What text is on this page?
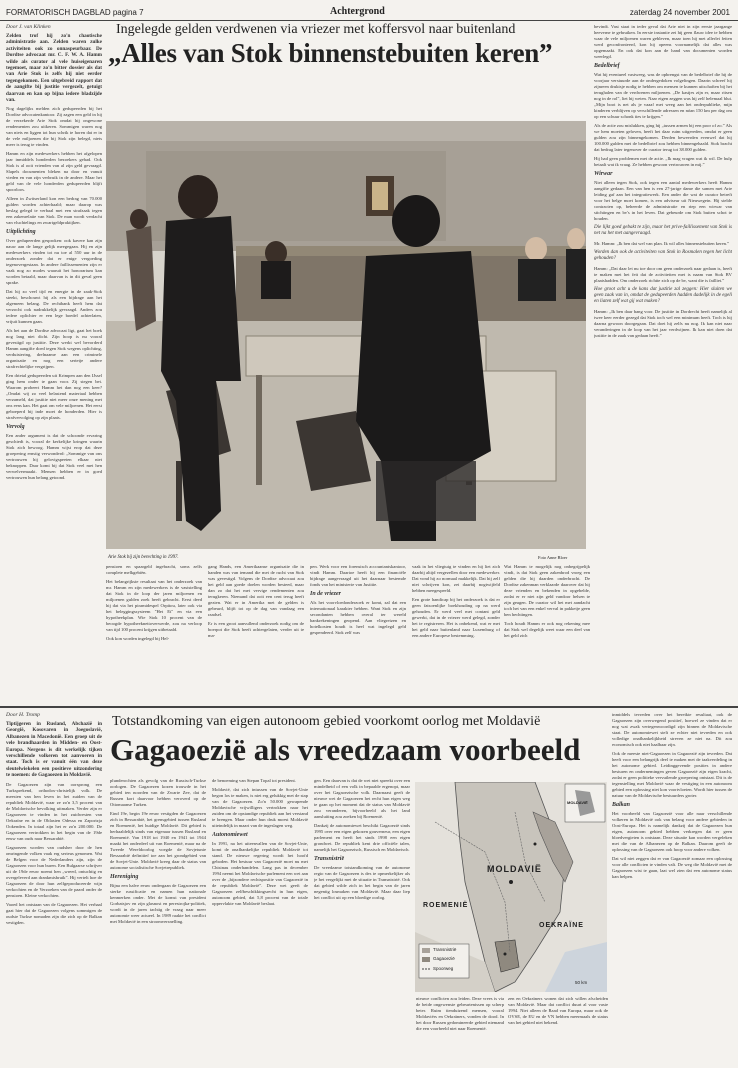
FORMATORISCH DAGBLAD pagina 7	Achtergrond	zaterdag 24 november 2001
Ingelegde gelden verdwenen via vriezer met koffersvol naar buitenland
„Alles van Stok binnenstebuiten keren”

Door J. van Klinken

Zelden trof hij zo'n chaotische administratie aan. Zelden waren zulke activiteiten ook zo onnaspeurbaar. De Dordtse advocaat mr. C. F. W. A. Hamm wilde als curator al vele huiseigenaren tegemoet, maar zo'n bitter dossier als dat van Arie Stok is zelfs hij niet eerder tegengekomen. Een uitgebreid rapport dat de aangifte bij justitie vergezelt, getuigt daarvan en kan op bijna iedere bladzijde van.

Nog dagelijks melden zich gedupeerden bij het Dordtse advocatenkantoor. Zij zagen een geld in hij de verzekerde Arie Stok omdat hij ongewone rendementen zou uitkeren. Sommigen waren nog van niets en liggen tot hun schrik te horen dat er in de vele miljoenen die bij Stok zijn belegd, niets meer is terug te vinden.

Hamm en zijn medewerkers hebben het afgelopen jaar inmiddels honderden bezoekers gehad. Ook Stok is al ooit vrienden van al zijn geld gevraagd. Slapels documenten bleken na door en vanuit vieden en van zijn verbruik in de andere. Maar het geld van de vele honderden gedupeerden blijft spoorloos.

Alleen in Zwitserland kon een bedrag van 70.000 gulden worden achterhaald; maar daarop was beslag gelegd te verbaal met een strafzaak tegen een zakenrelatie van Stok. De man wordt verdacht van vluchtelings en zwartgeldpraktijken.

Uitplichting

Over gedupeerden gesproken: ook kavere kan zijn nauw aan de lange gelijk meegegaan. Hij en zijn medewerkers vinden tot nu toe al 550 uur in de onderzoek zonder dat er enige vergoeding tegenovergestaan. In andere faillissementen zijn er vaak nog zo modes waaruit het honorarium kan worden betaald, maar daarvan is in dit geval geen sprake.

Dat hij zo veel tijd en energie in de zaak-Stok steekt, beschouwt hij als een bijdrage aan het algemeen belang. De rechtbank heeft hem dat verzocht ook nadrukkelijk gevraagd. Anders zou iedere oplichter er een lege boedel achterlaten, vrijuit kunnen gaan.

Als het aan de Dordtse advocaat ligt, gaat het boek nog lang niet dicht. Zijn hoop is nu vooral gevestigd op justitie. Deze werkt wel bevorderd Hamm aangifte doed tegen Stok wegens oplichting, verduistering, drelnaame aan een criminele organisatie en nog een serietje andere strafrechtelijke vergrijpen.

Een drietal gedupeerden uit Krimpen aan den IJssel ging hem onder te gaan voor. Zij stegen bet. Waarom probeert Hamm het dan nog een keer? „Omdat wij zo veel belastend materiaal hebben verzameld, dat justitie niet meer onze mening met ons eens kan. Het gaat om vele miljoenen. Het eerst geboeperd bij inde moet de honderden. Hier is strafvervolging op zijn plaats.

Vervolg

Een ander argument is dat de schoonde ervaring geschiedt is, vooral de kerkelijke kringen waarin Stok zich bewoog. Hamm wijst erop dat deze groepering ernstig verwonderd: „Sommige van ons vertrouwen hij gelovigspeeten elkaar niet beknoppen. Daar komt bij dat Stok veel met hen verwelvermaakt. Mensen hebben er in goed vertrouwen hun belang getoond.

Arie Stok bij zijn berechting in 1997.	Foto Anne Bloer

bevindt. Vast staat in ieder geval dat Arie niet in zijn eerste jaargange heeverne te gebruiken. In eerste instantie zei hij geen flauw idee te hebben waar de vele miljoenen waren gebleven, maar toen hij met allerlei feiten werd geconfronteerd, kon hij opeens voornamelijk dat alles was opgemaakt. En ook dat kon aan de hand van documenten worden weerlegd.

Bedelbrief

Wat hij eventueel vastweeg, was de opbrengst van de bedelbrief die hij de voorjaar verstuurde aan de ondergedoken volgelingen. Daarin schreef hij zijnreen druktsje nodig te hebben om mensen te kunnen uitschaften bij het terughalen van de verdwenen miljoenen. „De kastjes zijn er, maar ritsen nog in de rol”, liet hij weten. Naar eigen zeggen was hij zelf helemaal blut. „Mijn boot is net als je vaaaf met weeg aan het onderpublieke, mijn kinderen verblijven op verschillende adressen en nóan 150 km per dag om op een schuur schonk ties te krijgen.”

Als de actie zou mislukken, ging hij „tussen armen bij een poor of zo.” Als we hem moeten geloven, heeft het daar ruim uitgereden, omdat er geen gulden zou zijn binnengekomen. Derden beweerden evenwel dat hij 100.000 gulden met de bedelbrief zou hebben binnengehaald. Stok bracht dat bedrag later tegenover de curator terug tot 38.000 gulden.

Hij had geen problemen met de actie. „Ik mag vragen wat ik wil. De hulp betaalt wat ik vraag. Ze hebben gewoon vertrouwen in mij.”

Wirwar

Niet alleen tegen Stok, ook tegen een aantal medewerkers heeft Hamm aangifte gedaan. Een van hen is een 27-jarige dame die samen met Arie leiding gaf aan het integratiewerk. Een ander die wat de curator betreft voor het belge moet komen, is een adviseur uit Nieuwegein. Hij stelde contracten op, beheerde de administratie en riep een wirwar van stichtingen en bv's in het leven. Dat gebeurde om Stok buiten schot te houden.

Die lijkt goed gebakt te zijn, maar het prive-faillissement van Stok is net na het met aangevraagd.

Mr. Hamm: „Ik ben dat wel van plan. Ik wil alles binnenstebuiten keren.”

Worden dan ook de activiteiten van Stok in Rosmalen tegen het licht gehouden?

Hamm: „Dat daar let nu toe door om geen onderzoek naar gedaan is, heeft te maken met het feit dat de activiteiten met is naam van Stok BV plaatshadden. Om onderzoek richtte zich op de bv, want die is failliet.”

Hoe groot acht u de kans dat justitie zal zeggen: Hier sluiten we geen zaak van in, omdat de gedupeerden hadden dadelijk in de egeli en liaten zelf wat gij wat maken?

Hamm: „Ik ben daar bang voor. De justitie in Dordrecht heeft namelijk al twee keer eerder gezegd dat Stok toch wel een minimum heeft. Toch is hij daarna gewoon doorgegaan. Dat doet hij zelfs nu nog. Ik kan niet naar veranderingen in de loop van het jaar verdwijnen. Ik kan niet doen dat justitie in de zaak van gedaan heeft.”

pensioen en spaargeld ingebracht, soms zelfs complete melkgebiën.

Het belangrijkste resultaat van het onderzoek van mr. Hamm en zijn medewerkers is de vaststelling dat Stok in de loop der jaren miljoenen en miljoenen gulden zoek heeft gebracht. Eerst deed hij dat via het piramidespel Orpitou, later ook via het beleggingssysteem "Het Ei" en via een hypotheekplan. Wie Stok 10 procent van de beoogde hypotheeknettoverwerde, zou na verloop van tijd 100 procent krijgen uitbetaald.

Ook kon worden ingelegd bij Hel-

gang Hands, een Amerikaanse organisatie die in handen was van iemand die met de rucht van Stok was gevestigd. Volgens de Dordtse advocaat zou het geld aan goede doelen worden besteed, maar dan zo dat het met vervige rendementen zou terugkeren. Niemand dat ooit een cent terug heeft gezien. Wat er in Amerika met de gelden is gebeurd, blijft tot op de dag van vandaag een raadsel.

Er is een groot aanvullend onderzoek nodig om de boerpot die Stok heeft achtergelaten, verder uit te ma-

pen. Werk voor een forensisch accountantskantoor, vindt Hamm. Daartoe heeft hij een financiële bijdrage aangevraagd uit het daarnaar bestemde fonds van het ministerie van Justitie.

In de vriezer

Als het voorvloedonderzoek er komt, zal dat een internationaal karakter hebben. Want Stok en zijn secondanten hebben overal ter wereld bankrekeningen geopend. Aan vliegreizen en hotelkosten houdt is heel wat ingelegd geld gespendeerd. Stok zelf was

vaak in het vliegtuig te vinden en hij liet zich daarbij altijd vergezellen door een medewerker. Dat vond hij zo normaal makkelijk. Dat hij zelf niet schrijven kon, zei daarbij nogtwijfeld hebben meegespeeld.

Een grote handicap bij het onderzoek is dat er geen fatsoenlijke boekhouding op na werd gehouden. Er werd veel met contant geld gewerkt, dat in de vriezer werd gelegd, zonder het te registreren. Het is onbekend, wat er met het geld naar buitenland naar Luxemburg of een andere Europese bestemming.

Wat Hamm te mogelijk nog onbegrijpelijk vindt, is dat Stok geen zakenbrod vroeg een gelden die hij daarden onderbracht. De Dordtse zakenman verklaarde daarover dat hij deze vrienden en bekenden in opgebelde, zodat er er niet zijn geld vandoor helsen te zijn geagen. De curator wil het met aandacht toch het van een enkel verval in pakketje geen ben hechtingen.

Toch houdt Hamm er ook nog rekening mee dat Stok wel degelijk weet waar een deel van het geld zich

Totstandkoming van eigen autonoom gebied voorkomt oorlog met Moldavië
Gagaoezië als vreedzaam voorbeeld

Door H. Tromp

Tiptijgeren in Rusland, Abchazië in Georgië, Kosovaren in Joegoslavië, Albanezen in Macedonië. Een groep uit de vele brandhaarden in Midden- en Oost-Europa. Nergens is dit werkelijk tijken verschillende volkeren tot aanvoeren in staat. Toch is er vanuit één van deze sleutelwiekelen een positieve uitzondering te noemen: de Gagaoezen in Moldavië.

De Gagaoezen zijn van oorsprong een Turksprekend, orthodox-christelijk volk. De meesten van hen leven in het zuiden van de republiek Moldavië, waar ze zo'n 3,5 procent van de Moldavische bevolking uitmaken. Verder zijn er Gagaoezen te vinden in het zuidwesten van Oekraïne en in de Oblasten Odessa en Zaporizja Ookenden. In totaal zijn het er zo'n 200.000. De Gagaoezen vertrokken in het begin van de 19de eeuw van ouds naar Bessarabië.

Gagaoezen worden van oudsher door de hen omringende volken vaak erg serieus genomen. Wat de Belgen voor de Nederlanders zijn, zijn de Gagaoezen voor hun buren. Een Bulgaarse schrijver uit de 19de eeuw noemt hen „wreed, ontuchtig en overgeleverd aan drankmisbruik”. Hij vertelt hoe de Gagaoezen de door hun zelfgeproduceerde wijn verkochten en de Verzoeken van de paard onder de pensioen. Kleine verkochten.

Vaoed het ontstaan van de Gagaoezen. Het verhaal gaat hier dat de Gagaoezen volgens sommigen de oudste Turkse nomaden zijn die zich op de Balkan vestigden.

plunderochten als gevolg van de Russisch-Turkse oorlogen. De Gagaoezen kozen trouwde in het gebied ten noorden van de Zwarte Zee, dat de Russen kort daarvoor hebben veroverd op de Ottomaanse Turken.

Eind 19e, begin 19e eeuw vestigden de Gagaoezen zich in Bessarabië, het grensgebied tussen Rusland en Roemenië, het huidige Moldavië. Dit gebied is herhaaldelijk sinds van eigenaar tussen Rusland en Roemenië. Van 1918 tot 1940 en 1941 tot 1944 maakt het onderdeel uit van Roemenië, maar na de Tweede Wereldoorlog voegde de Sovjetunie Bessarabië definitief toe aan het grondgebied van de Sovjet-Unie. Moldavië kreeg daar de status van autonome socialistische Sovjetrepubliek.

Hereniging

Bijna een halve eeuw ondergaan de Gagaoezen een sterke russificatie en namen hun nationale kenmerken onder. Met de komst van president Gorbatsjov en zijn glasnost en perestrojka-politiek, wordt in de jaren tachtig de vraag naar meer autonomie weer actueel. In 1989 raakte het conflict met Moldavië in een stroomversnelling.

de benoeming van Stepan Topal tot president.

Moldavië, dat zich intussen van de Sovjet-Unie begon los te maken, is niet erg gelukkig met de stap van de Gagaoezen. Zo'n 50.000 gewapende Moldavische vrijwilligers vertrokken naar het zuiden om de opstandige republiek aan het verstand te brengen. Maar onder hun druk moest Moldavië uiteindelijk in maart van de ingeslagen weg.

Autonomiewet

In 1991, na het uiteenvallen van de Sovjet-Unie, komt de onafhankelijke republiek Moldavië tot stand. De nieuwe regering wordt het hoofd geboden. Het bestuur van Gagaoezië moet nu met Chisinau onderhandelen. Lang pas in december 1994 neemt het Moldavische parlement een wet aan over de „bijzondere rechtspositie van Gagaoezië in de republiek Moldavië”. Deze wet geeft de Gagaoezen zelfbeschikkingsrecht in hun eigen, autonoom gebied, dat 5,8 procent van de totale oppervlakte van Moldavië beslaat.

gen. Een daarvan is dat de wet niet spreekt over een mindelheid of een volk in bepaalde ergenopt, maar over het Gagaoezische volk. Daarnaast geeft de nieuwe wet de Gagaoezen het recht hun eigen weg te gaan op het moment dat de status van Moldavië zou veranderen, bijvoorbeeld als het land aansluiting zou zoeken bij Roemenië.

Dankzij de autonomiewet beschikt Gagaoezië sinds 1995 over een eigen gekozen gouverneur, een eigen parlement en heeft het sinds 1998 een eigen grondwet. De republiek kent drie officiële talen, namelijk het Gagaoezisch, Russisch en Moldavisch.

Transnistrië

De vreedzame totstandkoming van de autonome regio van de Gagaoezen is des te opmerkelijker als je het vergelijkt met de situatie in Transnistrië. Ook dat gebied wilde zich in het begin van de jaren negentig losmaken van Moldavië. Maar daar liep het conflict uit op een bloedige oorlog.

MOLDAVIË
ROEMENIË
OEKRAÏNE
MOLDAVIË
Transnistrië
Gagaoezië
Spoorweg
50 km

nieuwe conflicten zou leiden. Deze vrees is via de beide ongewenste gebeurtenissen op scherp beter. Ruim tienduizend mensen, vooral Moldaviërs en Oekraïners, vonden de dood. In het door Russen gedomineerde gebied niemand die een voorbeeld niet naar Roemenië.

zen en Oekraïners wonen dat zich willen afscheiden van Moldavië. Maar dat conflict duurt al voor vaste 1994. Niet alleen de Raad van Europa, maar ook de OVSE, de EU en de VN hebben meermaals de status van het gebied niet bekend.

inmiddels tevreden over het bereikte resultaat, ook de Gagaoezen zijn overwegend positief, hoewel ze vinden dat er nog wat zwak vertegenwoordigd zijn binnen de Moldavische staat. De autonomiewet stelt ze echter niet tevreden en ook volledige onafhankelijkheid streven ze niet na. Dit zou economisch ook niet haalbaar zijn.

Ook de meeste niet-Gagaoezen in Gagaoezië zijn tevreden. Dat heeft voor een belangrijk deel te maken met de taakverdeling in het autonome gebied. Leidinggevende posities in andere besturen en ondernemingen geven Gagaoezië zijn eigen kracht, zodat er geen politieke vervuilende groepering ontstaat. Dit is de tegenstelling met Moldavië waar de vestiging in een autonoom gebied een oplossing niet kon voortvloeien. Wordt hier tussen de natuur van de Moldavische bestuurders groter.

Balkan

Het voorbeeld van Gagaoezië voor alle naar verschillende volkeren in Moldavië ook van belang voor andere gebieden in Oost-Europa. Het is namelijk dankzij dat de Gagaoezen hun eigen, autonoom gebied hebben verkregen dat er geen bloedvergieten is ontstaan. Deze situatie kan worden vergeleken met die van de Albanezen op de Balkan. Daarom geeft de oplossing van de Gagaoezen ook hoop voor andere volken.

Dat wil niet zeggen dat er van Gagaoezië zomaar een oplossing voor alle conflicten te vinden valt. De weg die Moldavië met de Gagaoezen wist te gaan, laat wel zien dat een autonome status kan helpen.
